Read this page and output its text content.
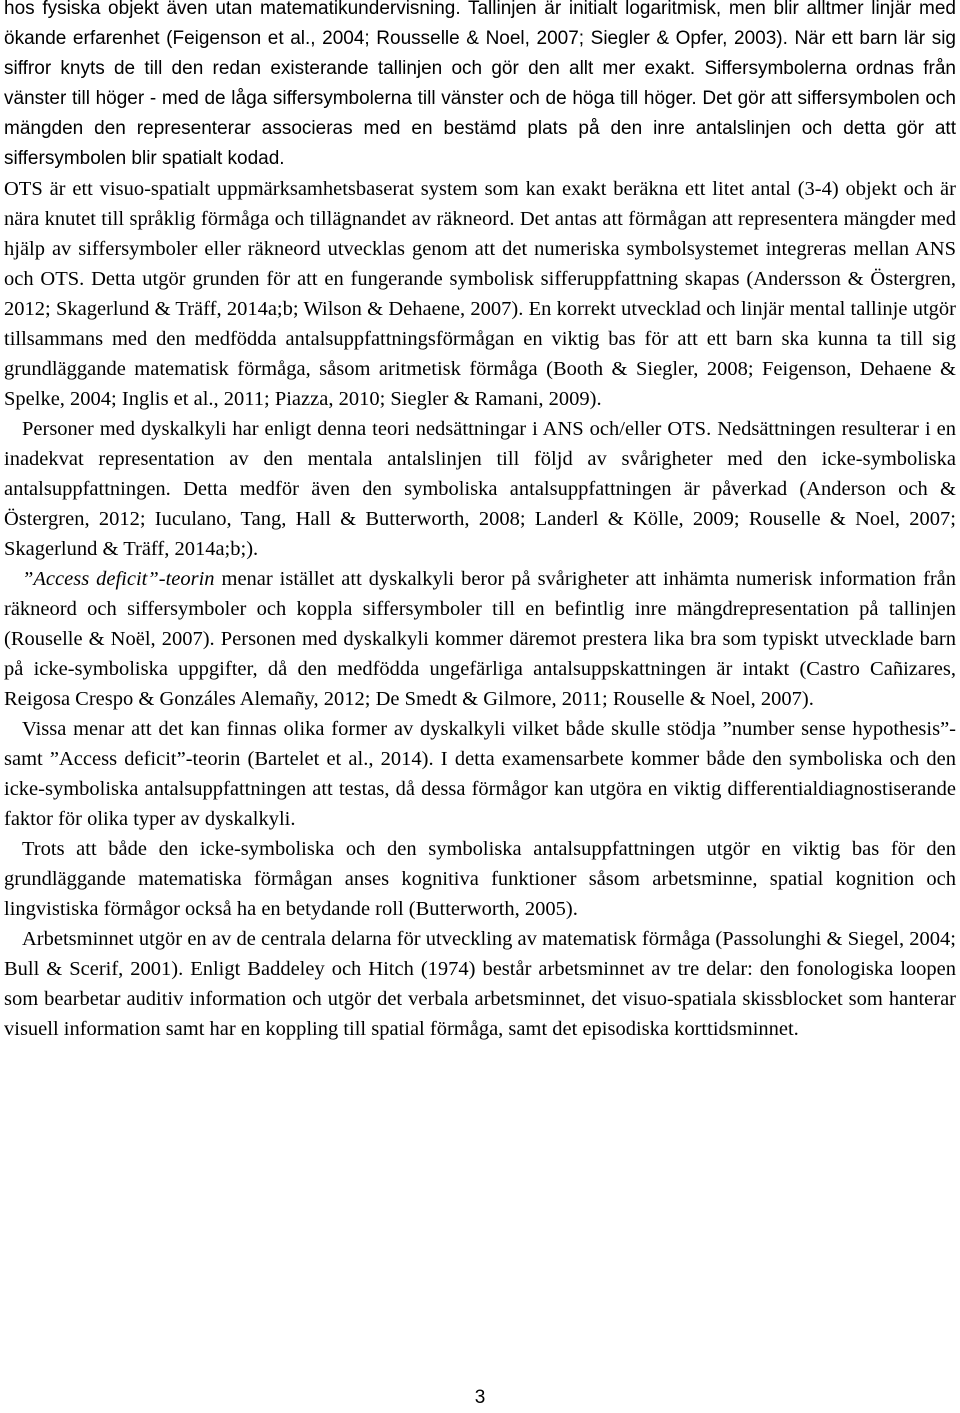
hos fysiska objekt även utan matematikundervisning. Tallinjen är initialt logaritmisk, men blir alltmer linjär med ökande erfarenhet (Feigenson et al., 2004; Rousselle & Noel, 2007; Siegler & Opfer, 2003). När ett barn lär sig siffror knyts de till den redan existerande tallinjen och gör den allt mer exakt. Siffersymbolerna ordnas från vänster till höger - med de låga siffersymbolerna till vänster och de höga till höger. Det gör att siffersymbolen och mängden den representerar associeras med en bestämd plats på den inre antalslinjen och detta gör att siffersymbolen blir spatialt kodad.

OTS är ett visuo-spatialt uppmärksamhetsbaserat system som kan exakt beräkna ett litet antal (3-4) objekt och är nära knutet till språklig förmåga och tillägnandet av räkneord. Det antas att förmågan att representera mängder med hjälp av siffersymboler eller räkneord utvecklas genom att det numeriska symbolsystemet integreras mellan ANS och OTS. Detta utgör grunden för att en fungerande symbolisk sifferuppfattning skapas (Andersson & Östergren, 2012; Skagerlund & Träff, 2014a;b; Wilson & Dehaene, 2007). En korrekt utvecklad och linjär mental tallinje utgör tillsammans med den medfödda antalsuppfattningsförmågan en viktig bas för att ett barn ska kunna ta till sig grundläggande matematisk förmåga, såsom aritmetisk förmåga (Booth & Siegler, 2008; Feigenson, Dehaene & Spelke, 2004; Inglis et al., 2011; Piazza, 2010; Siegler & Ramani, 2009).

Personer med dyskalkyli har enligt denna teori nedsättningar i ANS och/eller OTS. Nedsättningen resulterar i en inadekvat representation av den mentala antalslinjen till följd av svårigheter med den icke-symboliska antalsuppfattningen. Detta medför även den symboliska antalsuppfattningen är påverkad (Anderson och & Östergren, 2012; Iuculano, Tang, Hall & Butterworth, 2008; Landerl & Kölle, 2009; Rouselle & Noel, 2007; Skagerlund & Träff, 2014a;b;).

”Access deficit”-teorin menar istället att dyskalkyli beror på svårigheter att inhämta numerisk information från räkneord och siffersymboler och koppla siffersymboler till en befintlig inre mängdrepresentation på tallinjen (Rouselle & Noël, 2007). Personen med dyskalkyli kommer däremot prestera lika bra som typiskt utvecklade barn på icke-symboliska uppgifter, då den medfödda ungefärliga antalsuppskattningen är intakt (Castro Cañizares, Reigosa Crespo & Gonzáles Alemañy, 2012; De Smedt & Gilmore, 2011; Rouselle & Noel, 2007).

Vissa menar att det kan finnas olika former av dyskalkyli vilket både skulle stödja ”number sense hypothesis”- samt ”Access deficit”-teorin (Bartelet et al., 2014). I detta examensarbete kommer både den symboliska och den icke-symboliska antalsuppfattningen att testas, då dessa förmågor kan utgöra en viktig differentialdiagnostiserande faktor för olika typer av dyskalkyli.

Trots att både den icke-symboliska och den symboliska antalsuppfattningen utgör en viktig bas för den grundläggande matematiska förmågan anses kognitiva funktioner såsom arbetsminne, spatial kognition och lingvistiska förmågor också ha en betydande roll (Butterworth, 2005).

Arbetsminnet utgör en av de centrala delarna för utveckling av matematisk förmåga (Passolunghi & Siegel, 2004; Bull & Scerif, 2001). Enligt Baddeley och Hitch (1974) består arbetsminnet av tre delar: den fonologiska loopen som bearbetar auditiv information och utgör det verbala arbetsminnet, det visuo-spatiala skissblocket som hanterar visuell information samt har en koppling till spatial förmåga, samt det episodiska korttidsminnet.

3
